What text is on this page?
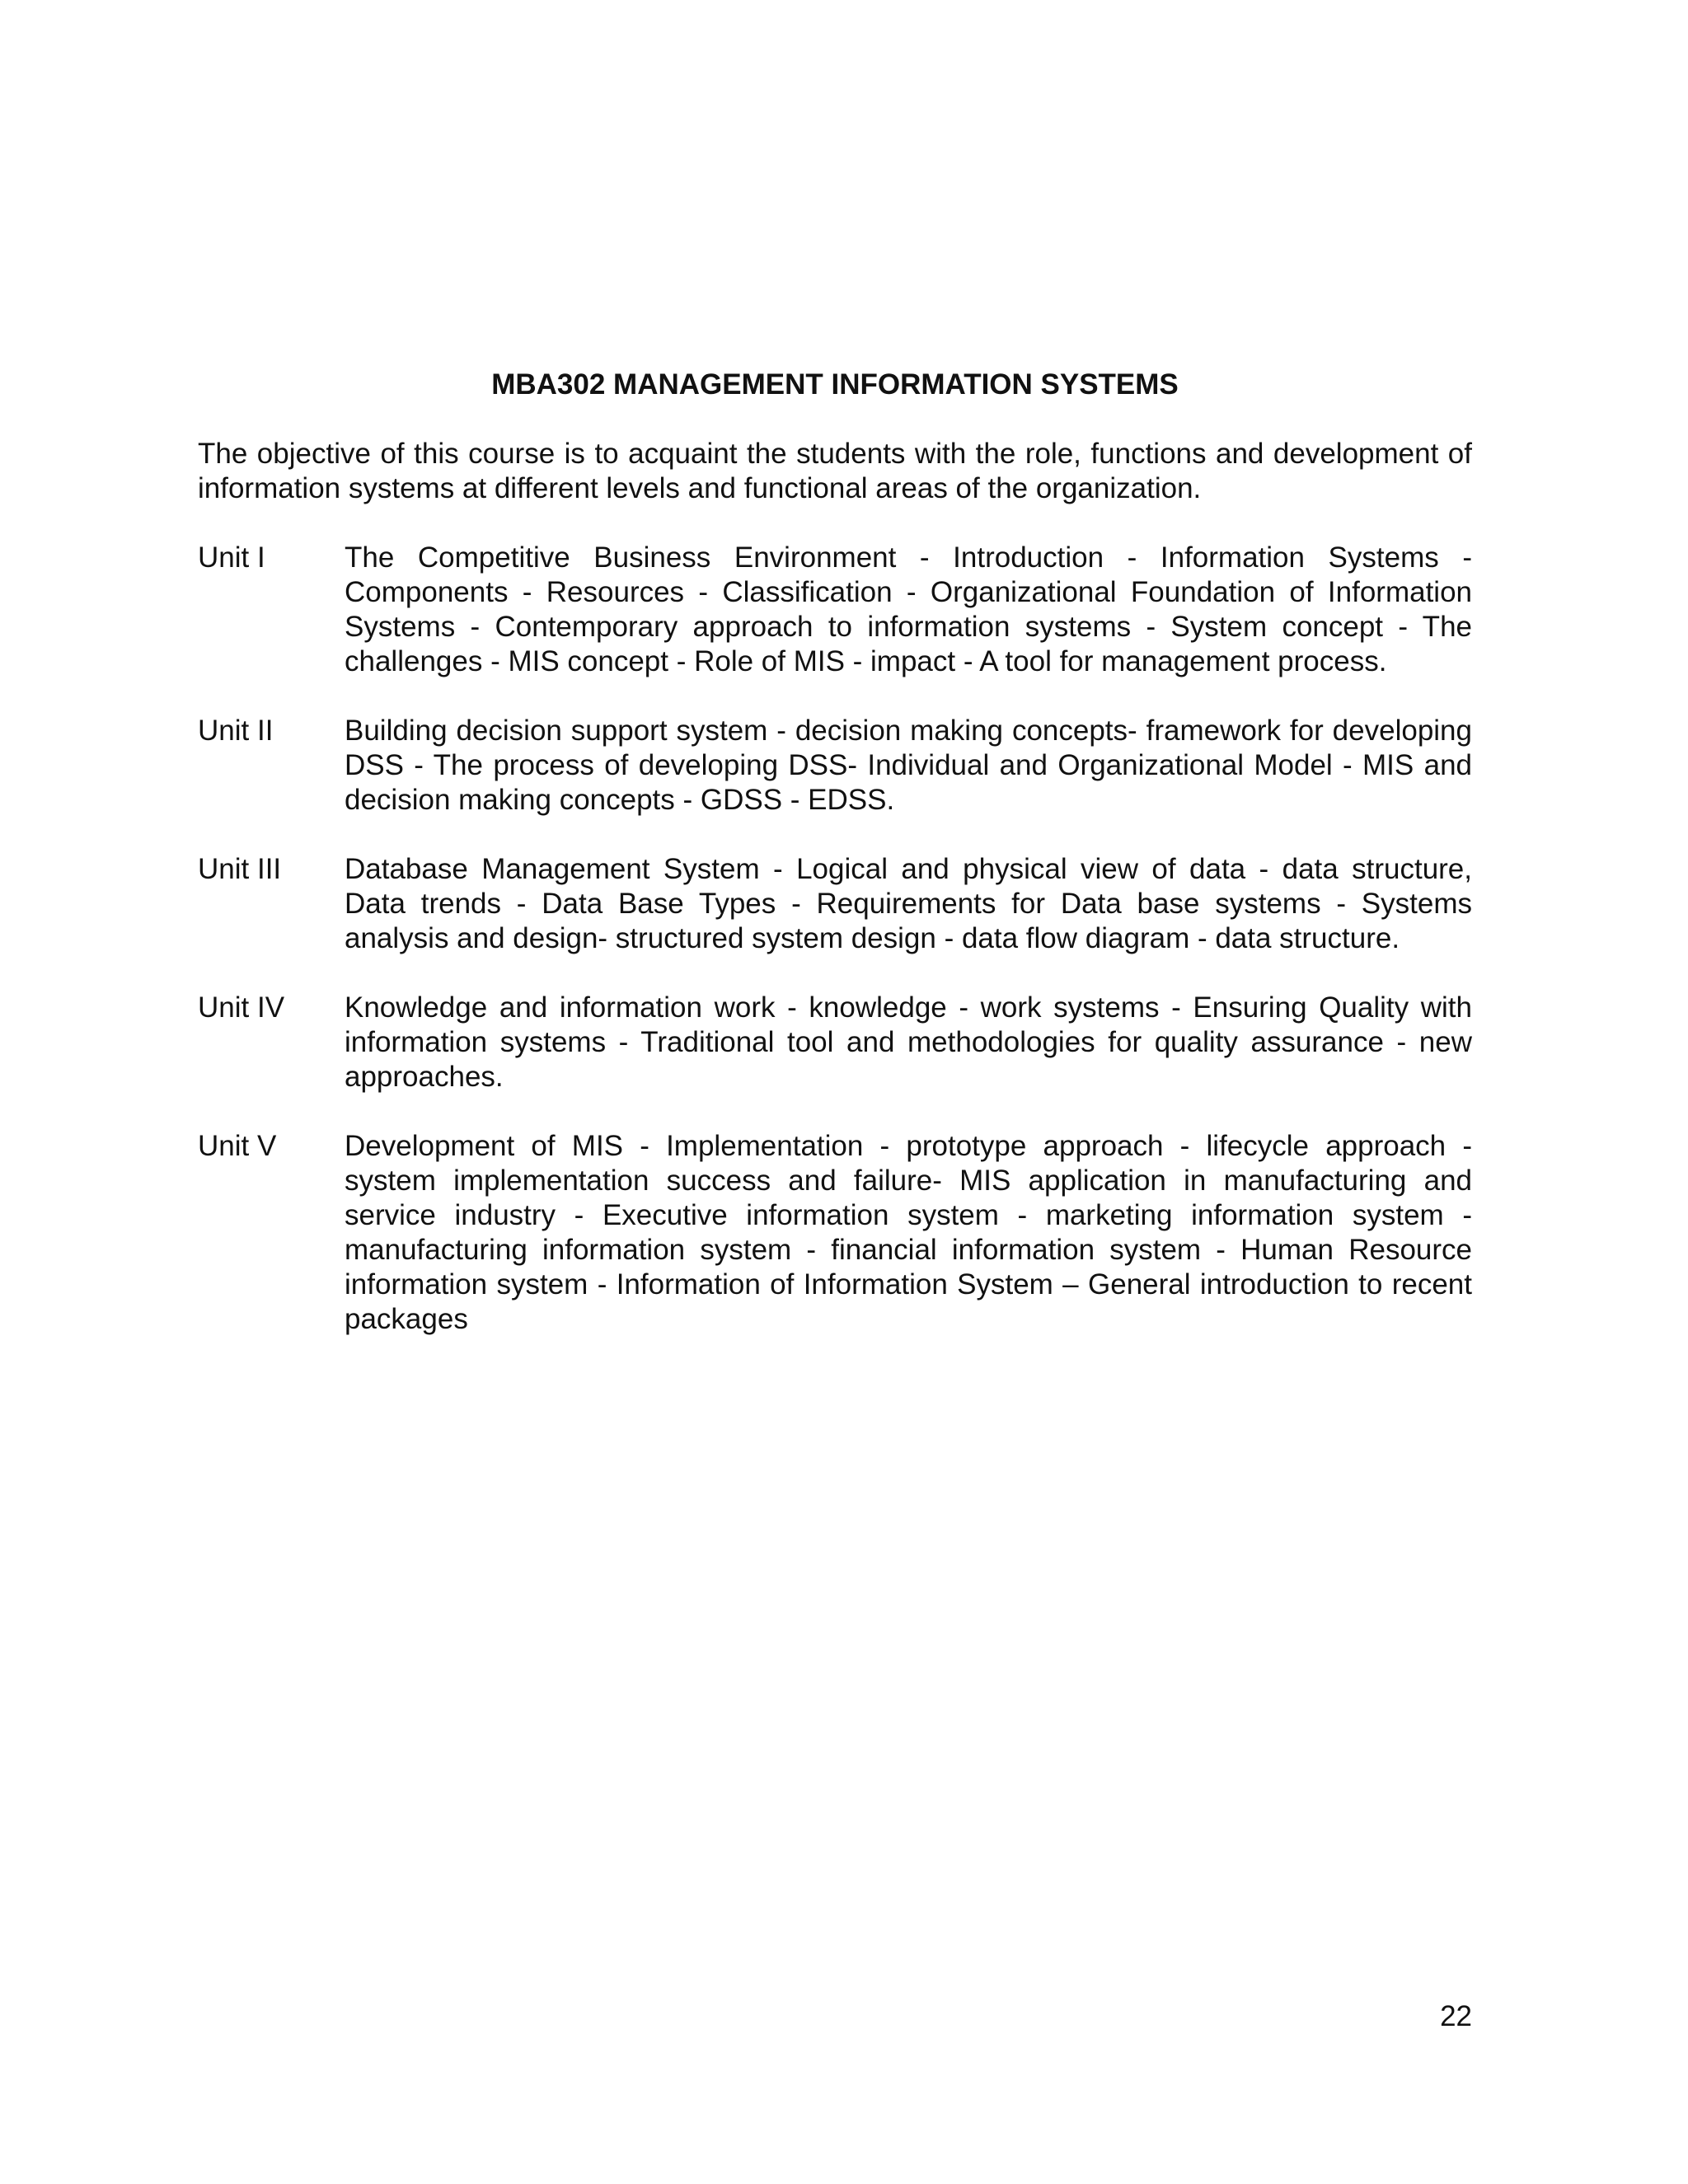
MBA302 MANAGEMENT INFORMATION SYSTEMS

The objective of this course is to acquaint the students with the role, functions and development of information systems at different levels and functional areas of the organization.

Unit I	The Competitive Business Environment - Introduction - Information Systems - Components - Resources - Classification - Organizational Foundation of Information Systems - Contemporary approach to information systems - System concept - The challenges - MIS concept - Role of MIS - impact - A tool for management process.

Unit II	Building decision support system - decision making concepts- framework for developing DSS - The process of developing DSS- Individual and Organizational Model - MIS and decision making concepts - GDSS - EDSS.

Unit III	Database Management System - Logical and physical view of data - data structure, Data trends - Data Base Types - Requirements for Data base systems - Systems analysis and design- structured system design - data flow diagram - data structure.

Unit IV	Knowledge and information work - knowledge - work systems - Ensuring Quality with information systems - Traditional tool and methodologies for quality assurance - new approaches.

Unit V	Development of MIS - Implementation - prototype approach - lifecycle approach - system implementation success and failure- MIS application in manufacturing and service industry - Executive information system - marketing information system - manufacturing information system - financial information system - Human Resource information system - Information of Information System – General introduction to recent packages

22
